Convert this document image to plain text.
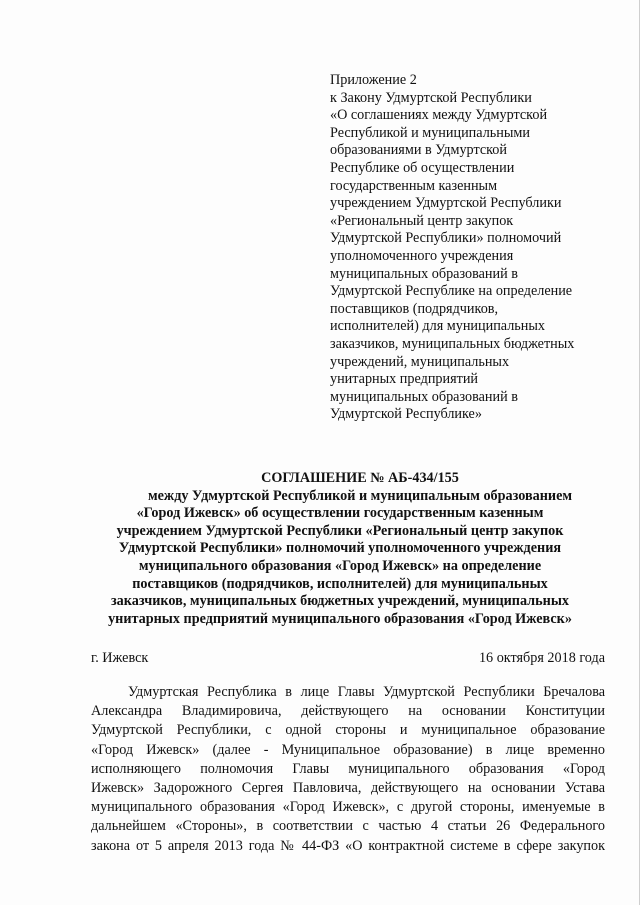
Приложение 2
к Закону Удмуртской Республики
«О соглашениях между Удмуртской
Республикой и муниципальными
образованиями в Удмуртской
Республике об осуществлении
государственным казенным
учреждением Удмуртской Республики
«Региональный центр закупок
Удмуртской Республики» полномочий
уполномоченного учреждения
муниципальных образований в
Удмуртской Республике на определение
поставщиков (подрядчиков,
исполнителей) для муниципальных
заказчиков, муниципальных бюджетных
учреждений, муниципальных
унитарных предприятий
муниципальных образований в
Удмуртской Республике»
СОГЛАШЕНИЕ № АБ-434/155
между Удмуртской Республикой и муниципальным образованием
«Город Ижевск» об осуществлении государственным казенным
учреждением Удмуртской Республики «Региональный центр закупок
Удмуртской Республики» полномочий уполномоченного учреждения
муниципального образования «Город Ижевск» на определение
поставщиков (подрядчиков, исполнителей) для муниципальных
заказчиков, муниципальных бюджетных учреждений, муниципальных
унитарных предприятий муниципального образования «Город Ижевск»
г. Ижевск	16 октября 2018 года
Удмуртская Республика в лице Главы Удмуртской Республики Бречалова
Александра Владимировича, действующего на основании Конституции
Удмуртской Республики, с одной стороны и муниципальное образование
«Город Ижевск» (далее - Муниципальное образование) в лице временно
исполняющего полномочия Главы муниципального образования «Город
Ижевск» Задорожного Сергея Павловича, действующего на основании Устава
муниципального образования «Город Ижевск», с другой стороны, именуемые в
дальнейшем «Стороны», в соответствии с частью 4 статьи 26 Федерального
закона от 5 апреля 2013 года № 44-ФЗ «О контрактной системе в сфере закупок
